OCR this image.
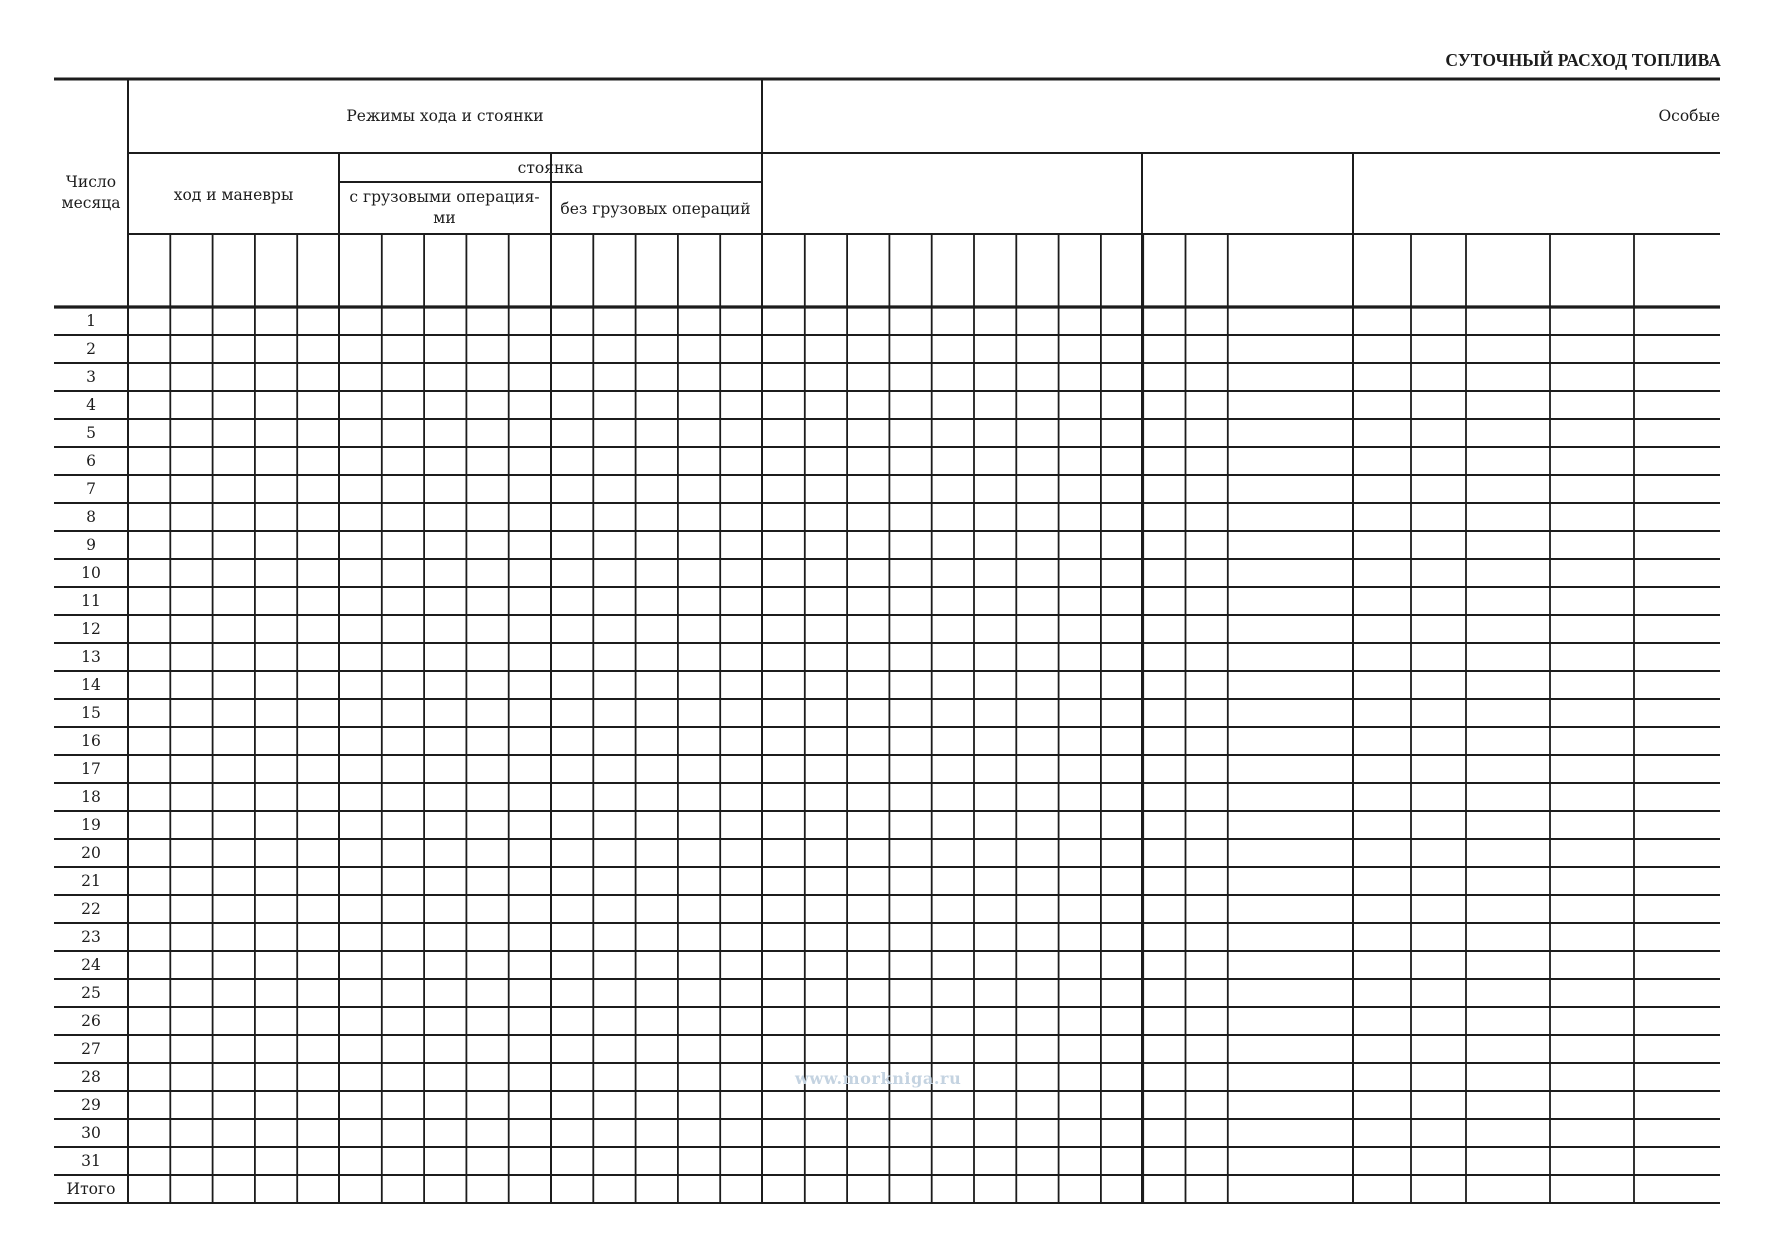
СУТОЧНЫЙ РАСХОД ТОПЛИВА
Число месяца
Режимы хода и стоянки	Особые
ход и маневры
стоянка
с грузовыми операция-ми	без грузовых операций
1
2
3
4
5
6
7
8
9
10
11
12
13
14
15
16
17
18
19
20
21
22
23
24
25
26
27
28
29
30
31
Итого
www.morkniga.ru
